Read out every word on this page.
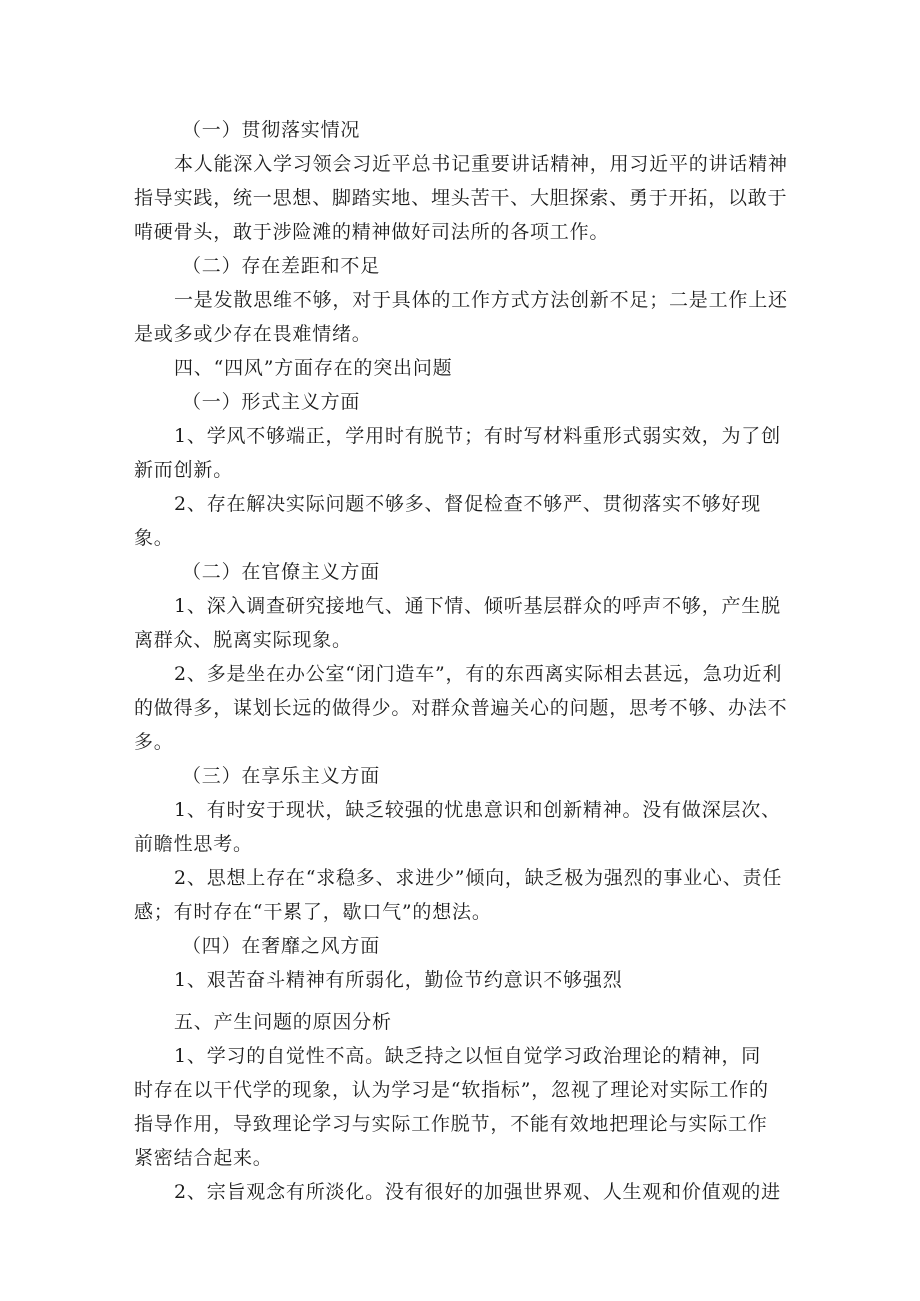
（一）贯彻落实情况

本人能深入学习领会习近平总书记重要讲话精神，用习近平的讲话精神指导实践，统一思想、脚踏实地、埋头苦干、大胆探索、勇于开拓，以敢于啃硬骨头，敢于涉险滩的精神做好司法所的各项工作。

（二）存在差距和不足

一是发散思维不够，对于具体的工作方式方法创新不足；二是工作上还是或多或少存在畏难情绪。

四、“四风”方面存在的突出问题

（一）形式主义方面

1、学风不够端正，学用时有脱节；有时写材料重形式弱实效，为了创新而创新。

2、存在解决实际问题不够多、督促检查不够严、贯彻落实不够好现象。

（二）在官僚主义方面

1、深入调查研究接地气、通下情、倾听基层群众的呼声不够，产生脱离群众、脱离实际现象。

2、多是坐在办公室“闭门造车”，有的东西离实际相去甚远，急功近利的做得多，谋划长远的做得少。对群众普遍关心的问题，思考不够、办法不多。

（三）在享乐主义方面

1、有时安于现状，缺乏较强的忧患意识和创新精神。没有做深层次、前瞻性思考。

2、思想上存在“求稳多、求进少”倾向，缺乏极为强烈的事业心、责任感；有时存在“干累了，歇口气”的想法。

（四）在奢靡之风方面

1、艰苦奋斗精神有所弱化，勤俭节约意识不够强烈

五、产生问题的原因分析

1、学习的自觉性不高。缺乏持之以恒自觉学习政治理论的精神，同时存在以干代学的现象，认为学习是“软指标”，忽视了理论对实际工作的指导作用，导致理论学习与实际工作脱节，不能有效地把理论与实际工作紧密结合起来。

2、宗旨观念有所淡化。没有很好的加强世界观、人生观和价值观的进
